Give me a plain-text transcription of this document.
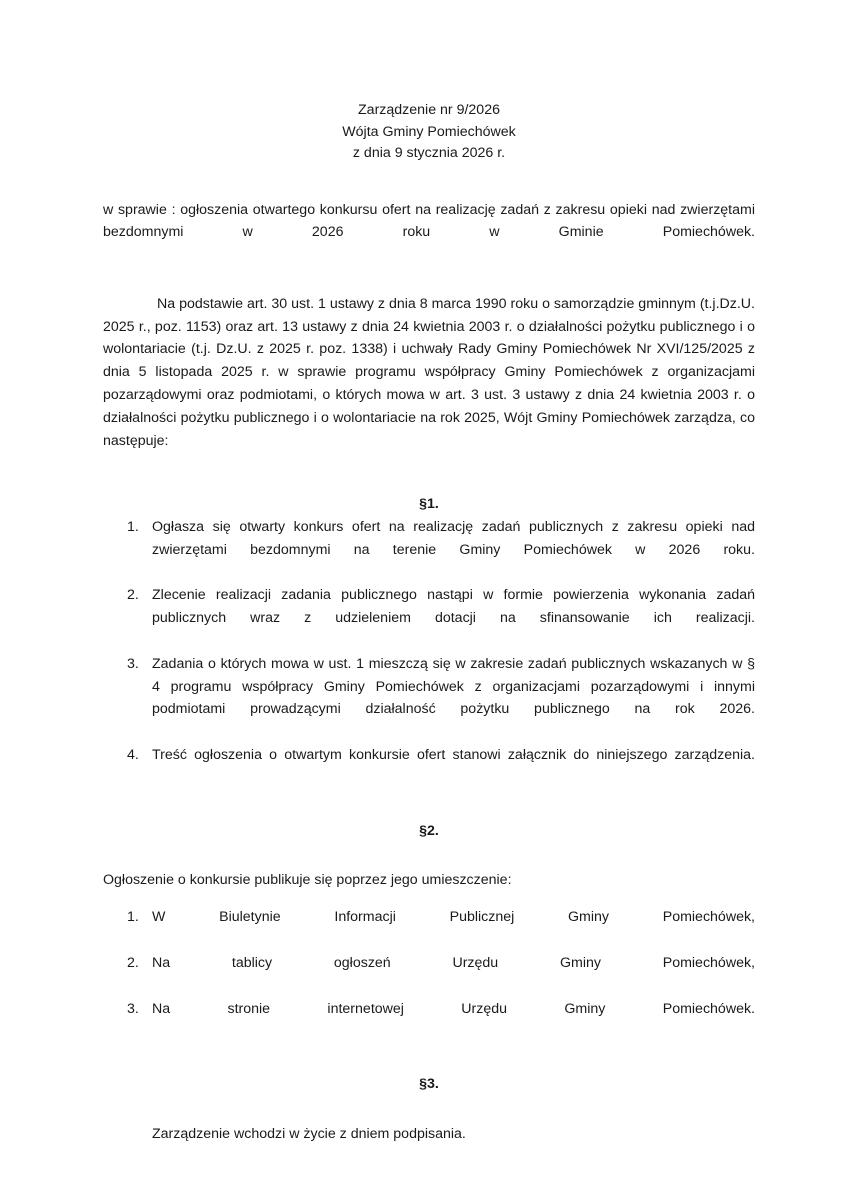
Zarządzenie nr 9/2026
Wójta Gminy Pomiechówek
z dnia 9 stycznia 2026 r.

w sprawie : ogłoszenia otwartego konkursu ofert na realizację zadań z zakresu opieki nad zwierzętami bezdomnymi w 2026 roku w Gminie Pomiechówek.

Na podstawie art. 30 ust. 1 ustawy z dnia 8 marca 1990 roku o samorządzie gminnym (t.j.Dz.U. 2025 r., poz. 1153) oraz art. 13 ustawy z dnia 24 kwietnia 2003 r. o działalności pożytku publicznego i o wolontariacie (t.j. Dz.U. z 2025 r. poz. 1338) i uchwały Rady Gminy Pomiechówek Nr XVI/125/2025 z dnia 5 listopada 2025 r. w sprawie programu współpracy Gminy Pomiechówek z organizacjami pozarządowymi oraz podmiotami, o których mowa w art. 3 ust. 3 ustawy z dnia 24 kwietnia 2003 r. o działalności pożytku publicznego i o wolontariacie na rok 2025, Wójt Gminy Pomiechówek zarządza, co następuje:

§1.
1. Ogłasza się otwarty konkurs ofert na realizację zadań publicznych z zakresu opieki nad zwierzętami bezdomnymi na terenie Gminy Pomiechówek w 2026 roku.
2. Zlecenie realizacji zadania publicznego nastąpi w formie powierzenia wykonania zadań publicznych wraz z udzieleniem dotacji na sfinansowanie ich realizacji.
3. Zadania o których mowa w ust. 1 mieszczą się w zakresie zadań publicznych wskazanych w § 4 programu współpracy Gminy Pomiechówek z organizacjami pozarządowymi i innymi podmiotami prowadzącymi działalność pożytku publicznego na rok 2026.
4. Treść ogłoszenia o otwartym konkursie ofert stanowi załącznik do niniejszego zarządzenia.
§2.

Ogłoszenie o konkursie publikuje się poprzez jego umieszczenie:

1. W Biuletynie Informacji Publicznej Gminy Pomiechówek,
2. Na tablicy ogłoszeń Urzędu Gminy Pomiechówek,
3. Na stronie internetowej Urzędu Gminy Pomiechówek.
§3.

Zarządzenie wchodzi w życie z dniem podpisania.
